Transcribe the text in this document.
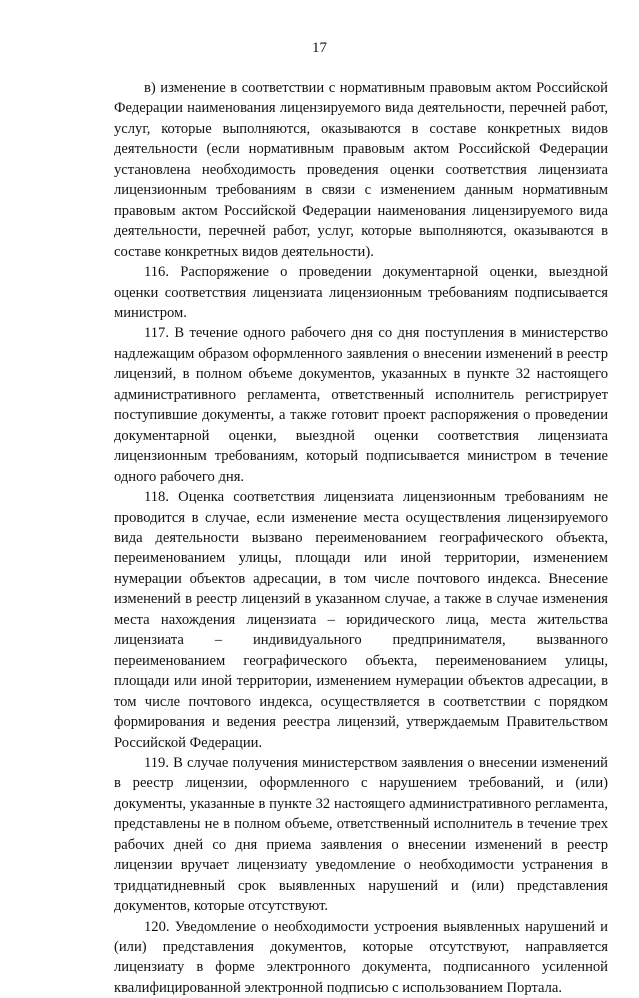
17

в) изменение в соответствии с нормативным правовым актом Российской Федерации наименования лицензируемого вида деятельности, перечней работ, услуг, которые выполняются, оказываются в составе конкретных видов деятельности (если нормативным правовым актом Российской Федерации установлена необходимость проведения оценки соответствия лицензиата лицензионным требованиям в связи с изменением данным нормативным правовым актом Российской Федерации наименования лицензируемого вида деятельности, перечней работ, услуг, которые выполняются, оказываются в составе конкретных видов деятельности).

116. Распоряжение о проведении документарной оценки, выездной оценки соответствия лицензиата лицензионным требованиям подписывается министром.

117. В течение одного рабочего дня со дня поступления в министерство надлежащим образом оформленного заявления о внесении изменений в реестр лицензий, в полном объеме документов, указанных в пункте 32 настоящего административного регламента, ответственный исполнитель регистрирует поступившие документы, а также готовит проект распоряжения о проведении документарной оценки, выездной оценки соответствия лицензиата лицензионным требованиям, который подписывается министром в течение одного рабочего дня.

118. Оценка соответствия лицензиата лицензионным требованиям не проводится в случае, если изменение места осуществления лицензируемого вида деятельности вызвано переименованием географического объекта, переименованием улицы, площади или иной территории, изменением нумерации объектов адресации, в том числе почтового индекса. Внесение изменений в реестр лицензий в указанном случае, а также в случае изменения места нахождения лицензиата – юридического лица, места жительства лицензиата – индивидуального предпринимателя, вызванного переименованием географического объекта, переименованием улицы, площади или иной территории, изменением нумерации объектов адресации, в том числе почтового индекса, осуществляется в соответствии с порядком формирования и ведения реестра лицензий, утверждаемым Правительством Российской Федерации.

119. В случае получения министерством заявления о внесении изменений в реестр лицензии, оформленного с нарушением требований, и (или) документы, указанные в пункте 32 настоящего административного регламента, представлены не в полном объеме, ответственный исполнитель в течение трех рабочих дней со дня приема заявления о внесении изменений в реестр лицензии вручает лицензиату уведомление о необходимости устранения в тридцатидневный срок выявленных нарушений и (или) представления документов, которые отсутствуют.

120. Уведомление о необходимости устроения выявленных нарушений и (или) представления документов, которые отсутствуют, направляется лицензиату в форме электронного документа, подписанного усиленной квалифицированной электронной подписью с использованием Портала.
